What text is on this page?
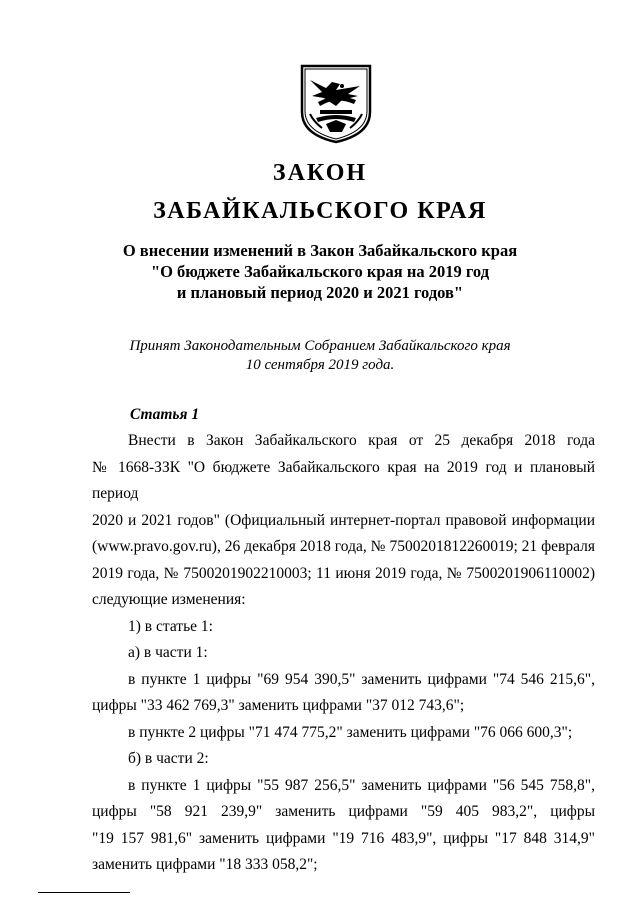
ЗАКОН
ЗАБАЙКАЛЬСКОГО КРАЯ
О внесении изменений в Закон Забайкальского края
"О бюджете Забайкальского края на 2019 год
и плановый период 2020 и 2021 годов"
Принят Законодательным Собранием Забайкальского края
10 сентября 2019 года.
Статья 1
Внести в Закон Забайкальского края от 25 декабря 2018 года
№ 1668-ЗЗК "О бюджете Забайкальского края на 2019 год и плановый период
2020 и 2021 годов" (Официальный интернет-портал правовой информации
(www.pravo.gov.ru), 26 декабря 2018 года, № 7500201812260019; 21 февраля
2019 года, № 7500201902210003; 11 июня 2019 года, № 7500201906110002)
следующие изменения:
1) в статье 1:
а) в части 1:
в пункте 1 цифры "69 954 390,5" заменить цифрами "74 546 215,6",
цифры "33 462 769,3" заменить цифрами "37 012 743,6";
в пункте 2 цифры "71 474 775,2" заменить цифрами "76 066 600,3";
б) в части 2:
в пункте 1 цифры "55 987 256,5" заменить цифрами "56 545 758,8",
цифры "58 921 239,9" заменить цифрами "59 405 983,2", цифры
"19 157 981,6" заменить цифрами "19 716 483,9", цифры "17 848 314,9"
заменить цифрами "18 333 058,2";
